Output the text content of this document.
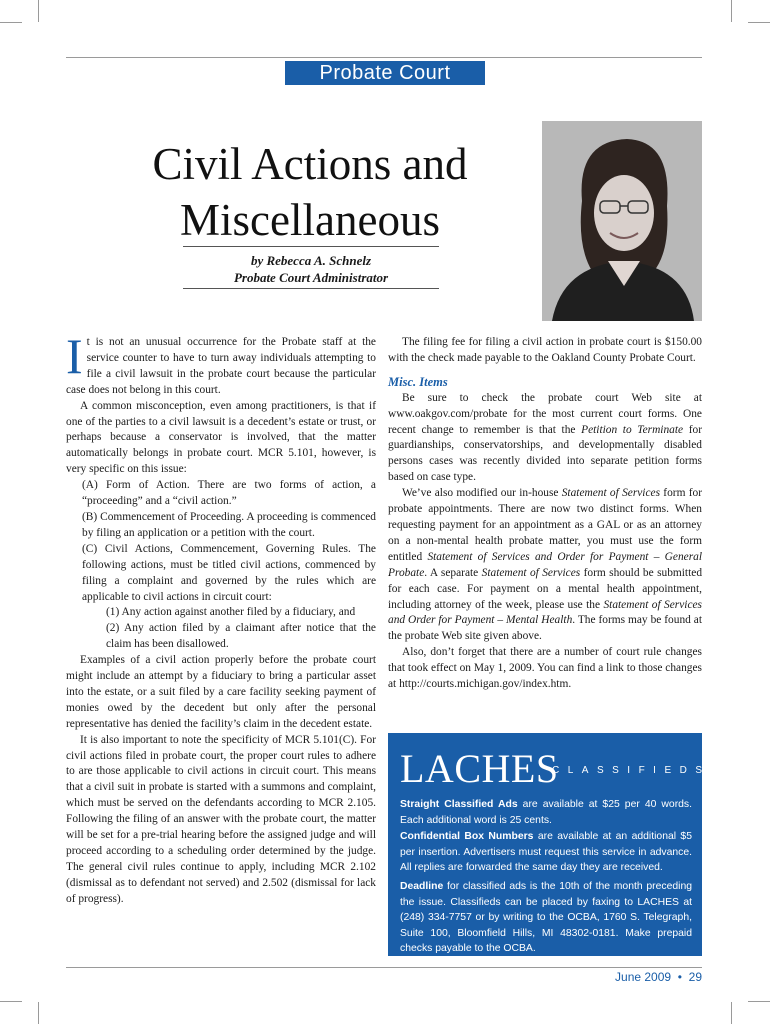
Probate Court
Civil Actions and
Miscellaneous
by Rebecca A. Schnelz
Probate Court Administrator

It is not an unusual occurrence for the Probate staff at the service counter to have to turn away individuals attempting to file a civil lawsuit in the probate court because the particular case does not belong in this court.

A common misconception, even among practitioners, is that if one of the parties to a civil lawsuit is a decedent’s estate or trust, or perhaps because a conservator is involved, that the matter automatically belongs in probate court. MCR 5.101, however, is very specific on this issue:

(A) Form of Action. There are two forms of action, a “proceeding” and a “civil action.”

(B) Commencement of Proceeding. A proceeding is commenced by filing an application or a petition with the court.

(C) Civil Actions, Commencement, Governing Rules. The following actions, must be titled civil actions, commenced by filing a complaint and governed by the rules which are applicable to civil actions in circuit court:

(1) Any action against another filed by a fiduciary, and

(2) Any action filed by a claimant after notice that the claim has been disallowed.

Examples of a civil action properly before the probate court might include an attempt by a fiduciary to bring a particular asset into the estate, or a suit filed by a care facility seeking payment of monies owed by the decedent but only after the personal representative has denied the facility’s claim in the decedent estate.

It is also important to note the specificity of MCR 5.101(C). For civil actions filed in probate court, the proper court rules to adhere to are those applicable to civil actions in circuit court. This means that a civil suit in probate is started with a summons and complaint, which must be served on the defendants according to MCR 2.105. Following the filing of an answer with the probate court, the matter will be set for a pre-trial hearing before the assigned judge and will proceed according to a scheduling order determined by the judge. The general civil rules continue to apply, including MCR 2.102 (dismissal as to defendant not served) and 2.502 (dismissal for lack of progress).

The filing fee for filing a civil action in probate court is $150.00 with the check made payable to the Oakland County Probate Court.

Misc. Items

Be sure to check the probate court Web site at www.oakgov.com/probate for the most current court forms. One recent change to remember is that the Petition to Terminate for guardianships, conservatorships, and developmentally disabled persons cases was recently divided into separate petition forms based on case type.

We’ve also modified our in-house Statement of Services form for probate appointments. There are now two distinct forms. When requesting payment for an appointment as a GAL or as an attorney on a non-mental health probate matter, you must use the form entitled Statement of Services and Order for Payment – General Probate. A separate Statement of Services form should be submitted for each case. For payment on a mental health appointment, including attorney of the week, please use the Statement of Services and Order for Payment – Mental Health. The forms may be found at the probate Web site given above.

Also, don’t forget that there are a number of court rule changes that took effect on May 1, 2009. You can find a link to those changes at http://courts.michigan.gov/index.htm.

LACHES
CLASSIFIEDS
Straight Classified Ads are available at $25 per 40 words. Each additional word is 25 cents.
Confidential Box Numbers are available at an additional $5 per insertion. Advertisers must request this service in advance. All replies are forwarded the same day they are received.
Deadline for classified ads is the 10th of the month preceding the issue. Classifieds can be placed by faxing to LACHES at (248) 334-7757 or by writing to the OCBA, 1760 S. Telegraph, Suite 100, Bloomfield Hills, MI 48302-0181. Make prepaid checks payable to the OCBA.
June 2009 • 29
